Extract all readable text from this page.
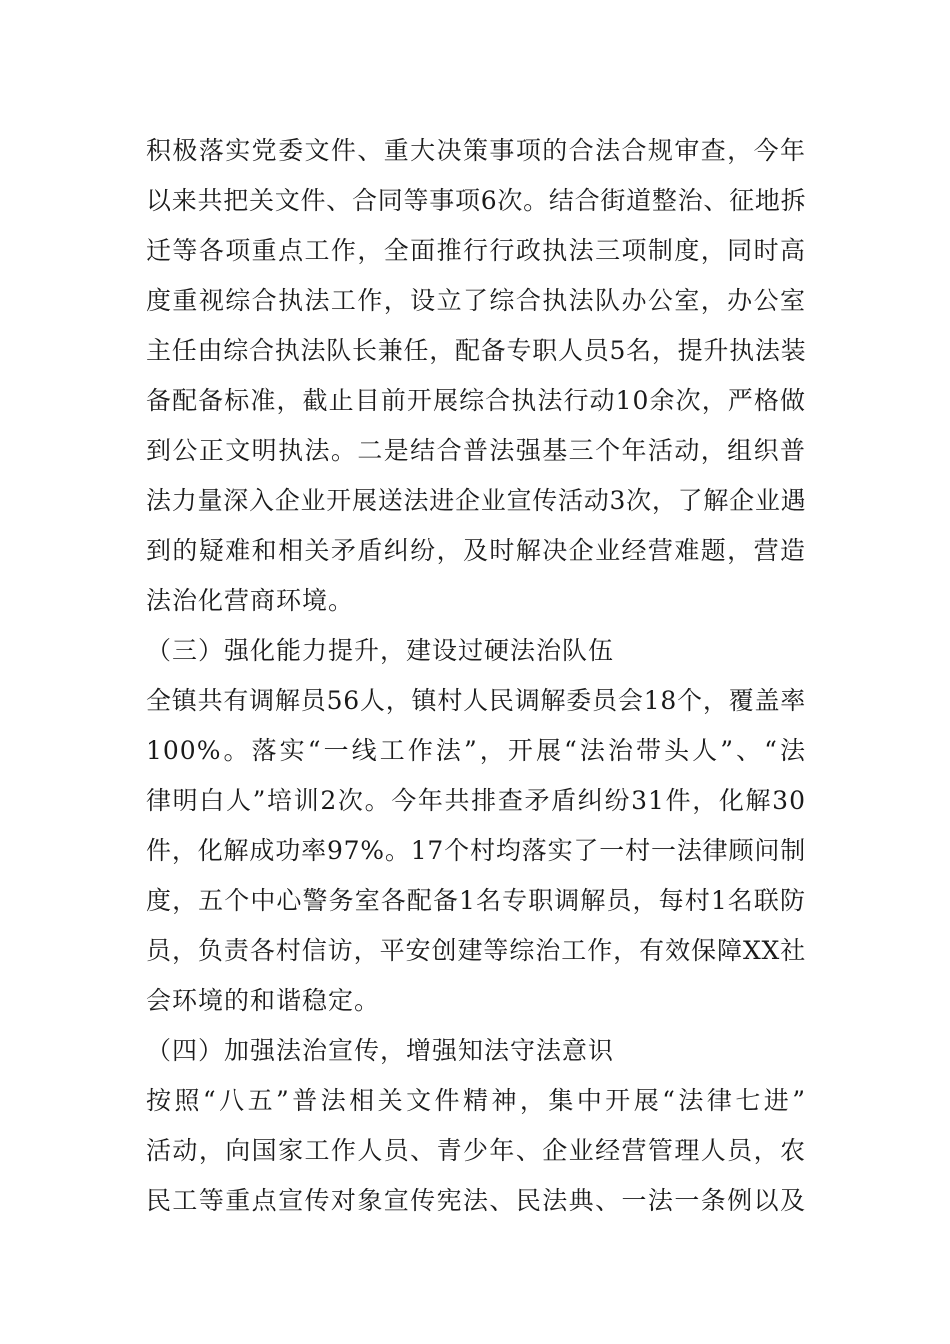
积极落实党委文件、重大决策事项的合法合规审查，今年
以来共把关文件、合同等事项6次。结合街道整治、征地拆
迁等各项重点工作，全面推行行政执法三项制度，同时高
度重视综合执法工作，设立了综合执法队办公室，办公室
主任由综合执法队长兼任，配备专职人员5名，提升执法装
备配备标准，截止目前开展综合执法行动10余次，严格做
到公正文明执法。二是结合普法强基三个年活动，组织普
法力量深入企业开展送法进企业宣传活动3次，了解企业遇
到的疑难和相关矛盾纠纷，及时解决企业经营难题，营造
法治化营商环境。
（三）强化能力提升，建设过硬法治队伍
全镇共有调解员56人，镇村人民调解委员会18个，覆盖率
100%。落实“一线工作法”，开展“法治带头人”、“法
律明白人”培训2次。今年共排查矛盾纠纷31件，化解30
件，化解成功率97%。17个村均落实了一村一法律顾问制
度，五个中心警务室各配备1名专职调解员，每村1名联防
员，负责各村信访，平安创建等综治工作，有效保障XX社
会环境的和谐稳定。
（四）加强法治宣传，增强知法守法意识
按照“八五”普法相关文件精神，集中开展“法律七进”
活动，向国家工作人员、青少年、企业经营管理人员，农
民工等重点宣传对象宣传宪法、民法典、一法一条例以及
